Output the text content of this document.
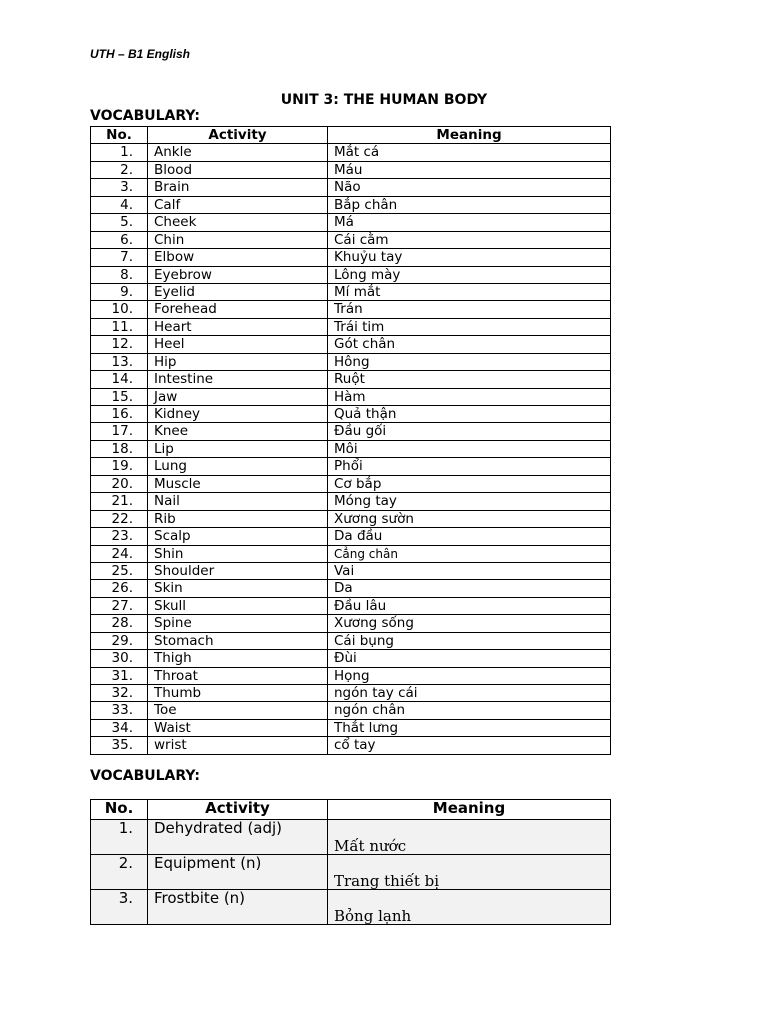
UTH – B1 English
UNIT 3: THE HUMAN BODY
VOCABULARY:
No.	Activity	Meaning
1.	Ankle	Mắt cá
2.	Blood	Máu
3.	Brain	Não
4.	Calf	Bắp chân
5.	Cheek	Má
6.	Chin	Cái cằm
7.	Elbow	Khuỷu tay
8.	Eyebrow	Lông mày
9.	Eyelid	Mí mắt
10.	Forehead	Trán
11.	Heart	Trái tim
12.	Heel	Gót chân
13.	Hip	Hông
14.	Intestine	Ruột
15.	Jaw	Hàm
16.	Kidney	Quả thận
17.	Knee	Đầu gối
18.	Lip	Môi
19.	Lung	Phổi
20.	Muscle	Cơ bắp
21.	Nail	Móng tay
22.	Rib	Xương sườn
23.	Scalp	Da đầu
24.	Shin	Cẳng chân
25.	Shoulder	Vai
26.	Skin	Da
27.	Skull	Đầu lâu
28.	Spine	Xương sống
29.	Stomach	Cái bụng
30.	Thigh	Đùi
31.	Throat	Họng
32.	Thumb	ngón tay cái
33.	Toe	ngón chân
34.	Waist	Thắt lưng
35.	wrist	cổ tay
VOCABULARY:
No.	Activity	Meaning
1.	Dehydrated (adj)	Mất nước
2.	Equipment (n)	Trang thiết bị
3.	Frostbite (n)	Bỏng lạnh
